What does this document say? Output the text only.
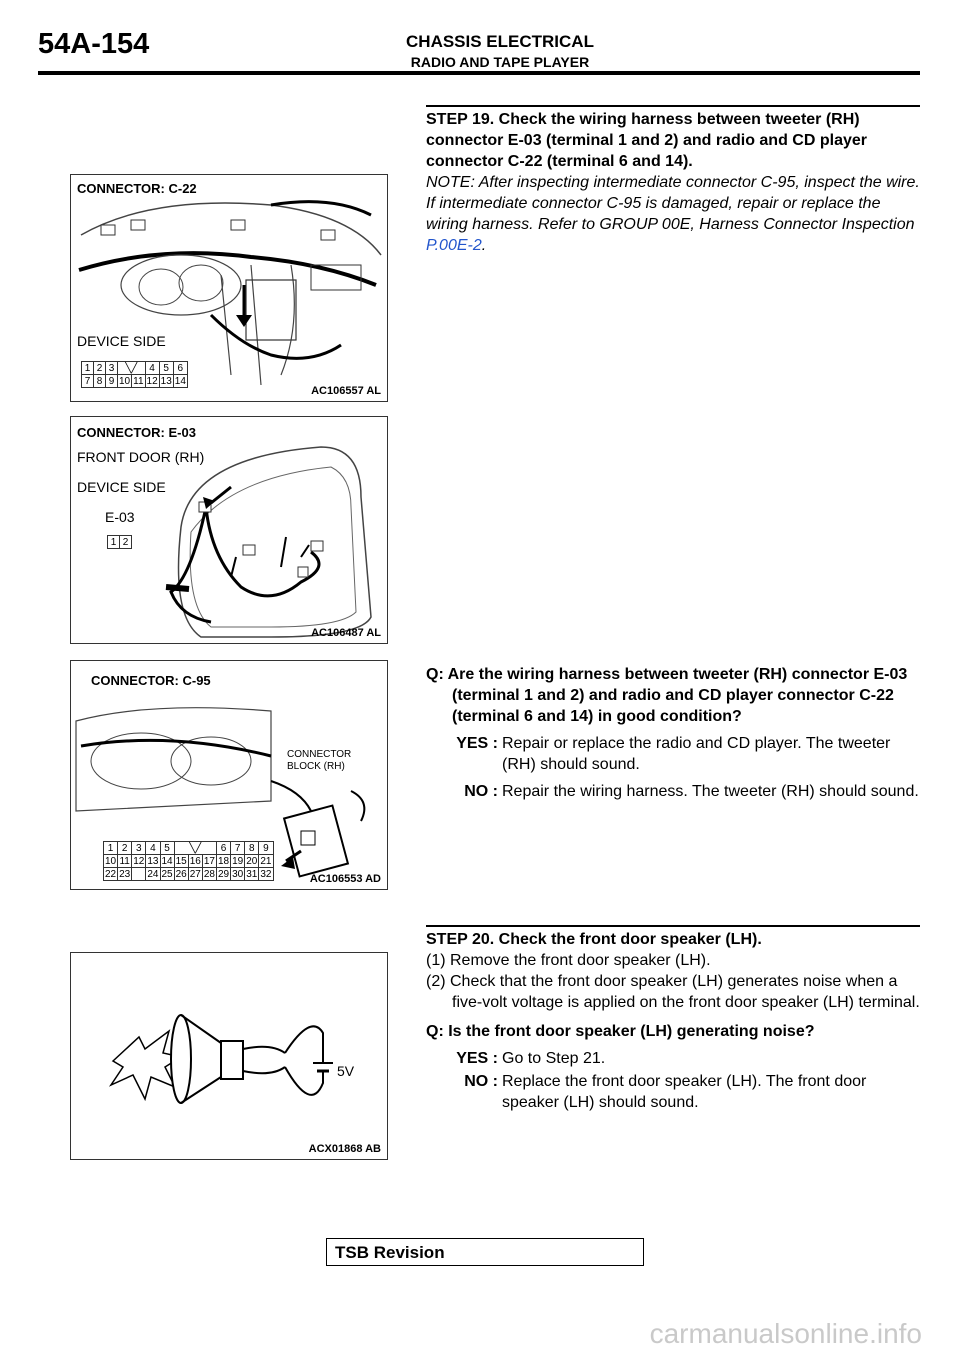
54A-154	CHASSIS ELECTRICAL
RADIO AND TAPE PLAYER
CONNECTOR: C-22
DEVICE SIDE
1	2	3	╲╱		4	5	6
7	8	9	10	11	12	13	14
AC106557 AL
CONNECTOR: E-03
FRONT DOOR (RH)
DEVICE SIDE
E-03
1	2
AC106487 AL
CONNECTOR: C-95
CONNECTOR
BLOCK (RH)
1	2	3	4	5	╲╱			6	7	8	9
10	11	12	13	14	15	16	17	18	19	20	21
22	23		24	25	26	27	28	29	30	31	32	AC106553 AD
5V
ACX01868 AB
STEP 19. Check the wiring harness between tweeter (RH) connector E-03 (terminal 1 and 2) and radio and CD player connector C-22 (terminal 6 and 14).
NOTE: After inspecting intermediate connector C-95, inspect the wire. If intermediate connector C-95 is damaged, repair or replace the wiring harness. Refer to GROUP 00E, Harness Connector Inspection P.00E-2.
Q: Are the wiring harness between tweeter (RH) connector E-03 (terminal 1 and 2) and radio and CD player connector C-22 (terminal 6 and 14) in good condition?
YES : Repair or replace the radio and CD player. The tweeter (RH) should sound.
NO : Repair the wiring harness. The tweeter (RH) should sound.
STEP 20. Check the front door speaker (LH).
(1) Remove the front door speaker (LH).
(2) Check that the front door speaker (LH) generates noise when a five-volt voltage is applied on the front door speaker (LH) terminal.
Q: Is the front door speaker (LH) generating noise?
YES : Go to Step 21.
NO : Replace the front door speaker (LH). The front door speaker (LH) should sound.
TSB Revision
carmanualsonline.info
